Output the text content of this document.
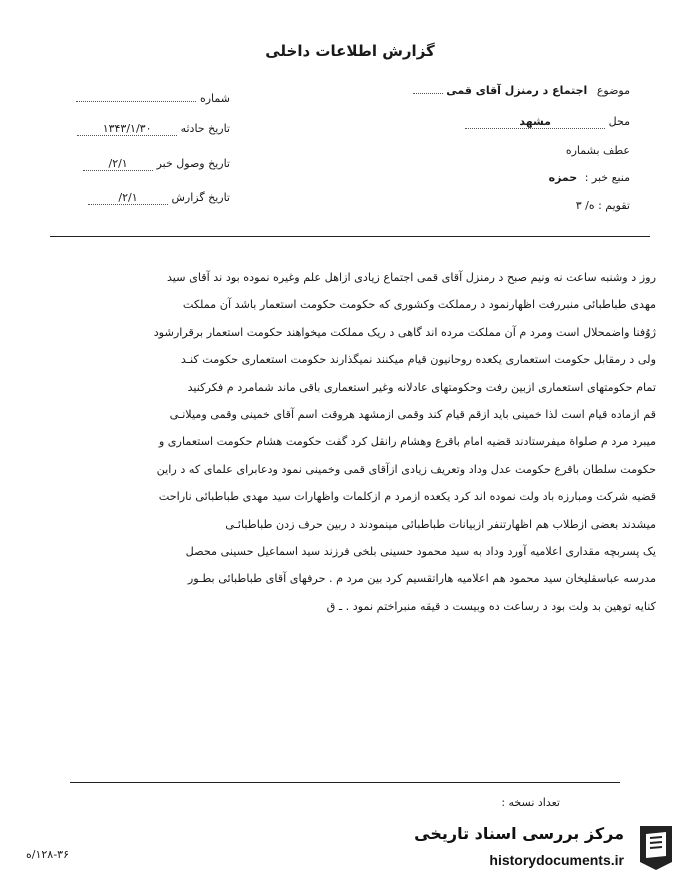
گزارش اطلاعات داخلی
موضوع اجتماع د رمنزل آقای قمی
محل مشهد
عطف بشماره
منبع خبر : حمزه
تقویم : ه/ ۳
شماره
تاریخ حادثه ۱۳۴۳/۱/۳۰
تاریخ وصول خبر ۲/۱/
تاریخ گزارش ۲/۱/
روز د وشنبه ساعت نه ونیم صبح د رمنزل آقای قمی اجتماع زیادی ازاهل علم وغیره نموده بود ند آقای سید
مهدی طباطبائی منبررفت اظهارنمود د رمملکت وکشوری که حکومت حکومت استعمار باشد آن مملکت
ژوُفنا واضمحلال است ومرد م آن مملکت مرده اند گاهی د ریک مملکت میخواهند حکومت استعمار برقرارشود
ولی د رمقابل حکومت استعماری یکعده روحانیون قیام میکنند نمیگذارند حکومت استعماری حکومت کنـد
تمام حکومتهای استعماری ازبین رفت وحکومتهای عادلانه وغیر استعماری باقی ماند شمامرد م فکرکنید
قم ازماده قیام است لذا خمینی باید ازقم قیام کند وقمی ازمشهد هروقت اسم آقای خمینی وقمی ومیلانـی
میبرد مرد م صلواة میفرستادند قضیه امام باقرع وهشام رانقل کرد گفت حکومت هشام حکومت استعماری و
حکومت سلطان باقرع حکومت عدل وداد وتعریف زیادی ازآقای قمی وخمینی نمود ودعابرای علمای که د راین
قضیه شرکت ومبارزه باد ولت نموده اند کرد یکعده ازمرد م ازکلمات واظهارات سید مهدی طباطبائی ناراحت
میشدند بعضی ازطلاب هم اظهارتنفر ازبیانات طباطبائی مینمودند د ربین حرف زدن طباطبائـی
یک پسربچه مقداری اعلامیه آورد وداد به سید محمود حسینی بلخی فرزند سید اسماعیل حسینی محصل
مدرسه عباسقلیخان سید محمود هم اعلامیه هاراتقسیم کرد بین مرد م . حرفهای آقای طباطبائی بطـور
کنایه توهین بد ولت بود د رساعت ده وبیست د قیقه منبراختم نمود . ـ ق
تعداد نسخه :
۱۲۸-۳۶/ه
مرکز بررسی اسناد تاریخی
historydocuments.ir
